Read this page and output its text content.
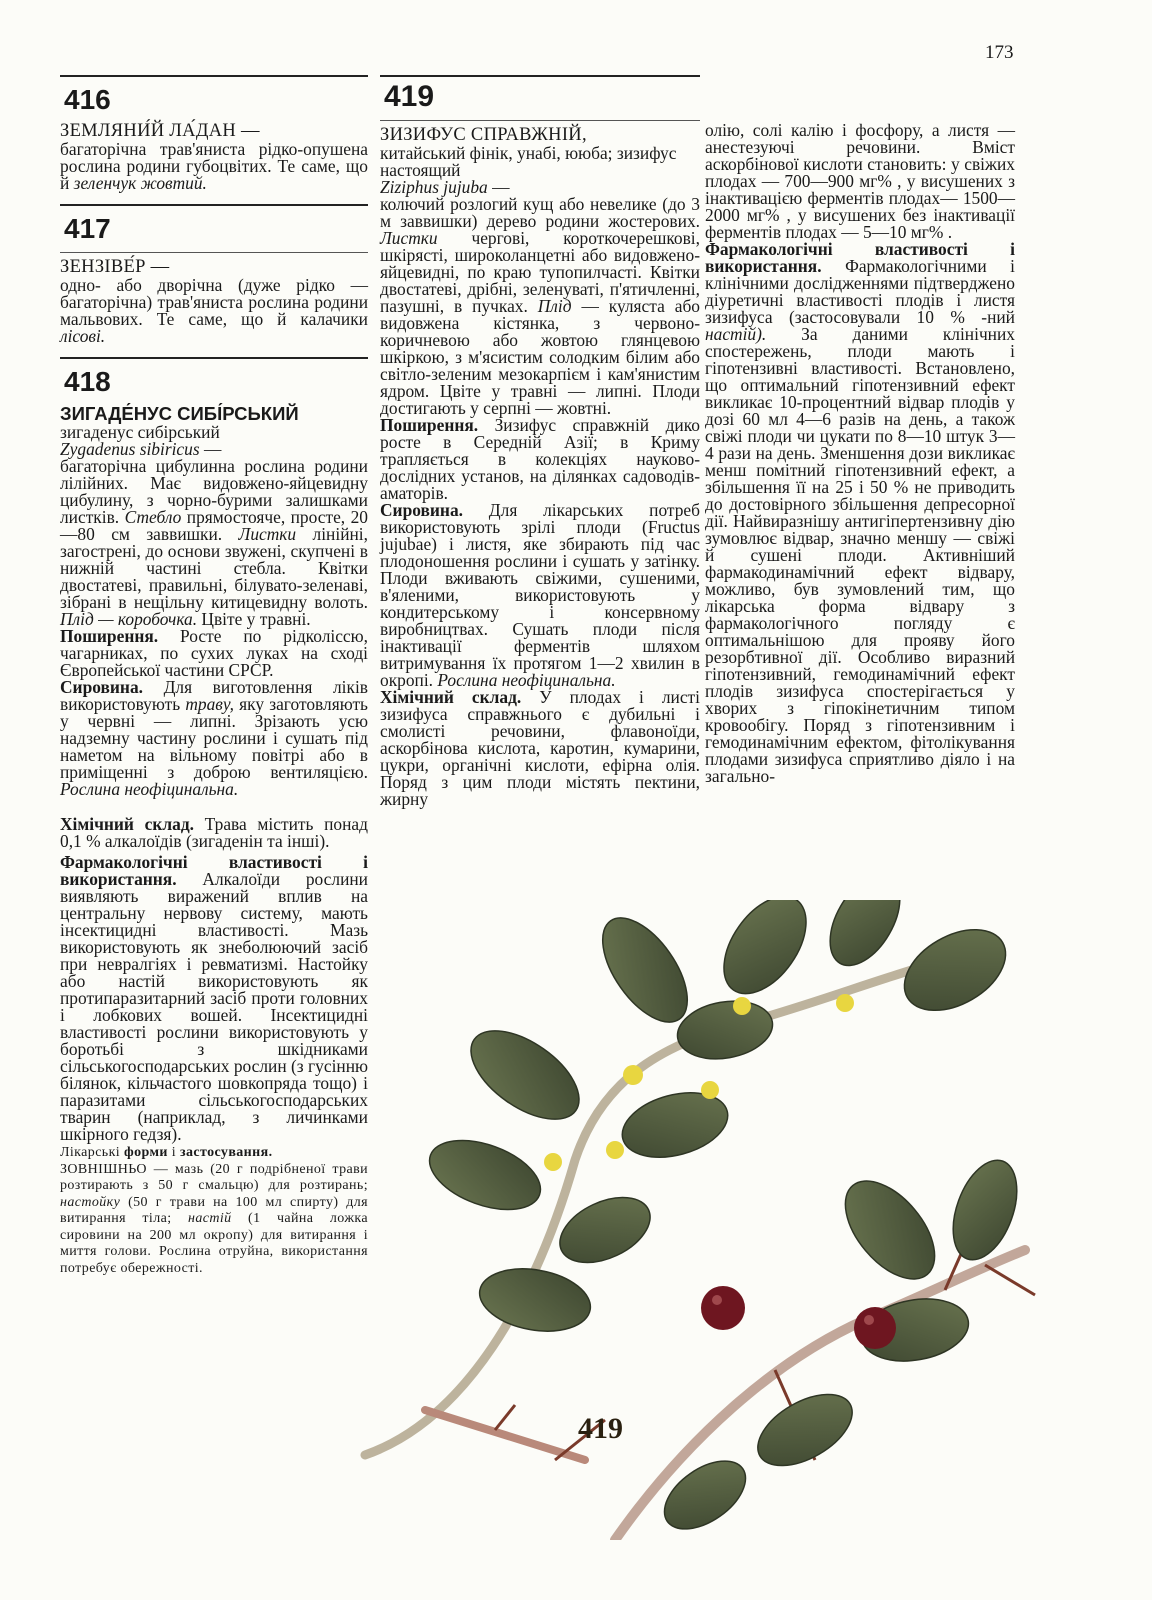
173
416
ЗЕМЛЯНИ́Й ЛА́ДАН —

багаторічна трав'яниста рідко-опушена рослина родини губоцвітих. Те саме, що й зеленчук жовтий.

417
ЗЕНЗІВЕ́Р —

одно- або дворічна (дуже рідко — багаторічна) трав'яниста рослина родини мальвових. Те саме, що й калачики лісові.

418
ЗИГАДЕ́НУС СИБІ́РСЬКИЙ
зигаденус сибірський
Zygadenus sibiricus —

багаторічна цибулинна рослина родини лілійних. Має видовжено-яйцевидну цибулину, з чорно-бурими залишками листків. Стебло прямостояче, просте, 20—80 см заввишки. Листки лінійні, загострені, до основи звужені, скупчені в нижній частині стебла. Квітки двостатеві, правильні, білувато-зеленаві, зібрані в нещільну китицевидну волоть. Плід — коробочка. Цвіте у травні.

Поширення. Росте по рідколіссю, чагарниках, по сухих луках на сході Європейської частини СРСР.

Сировина. Для виготовлення ліків використовують траву, яку заготовляють у червні — липні. Зрізають усю надземну частину рослини і сушать під наметом на вільному повітрі або в приміщенні з доброю вентиляцією. Рослина неофіцинальна.

Хімічний склад. Трава містить понад 0,1 % алкалоїдів (зигаденін та інші).

Фармакологічні властивості і використання. Алкалоїди рослини виявляють виражений вплив на центральну нервову систему, мають інсектицидні властивості. Мазь використовують як знеболюючий засіб при невралгіях і ревматизмі. Настойку або настій використовують як протипаразитарний засіб проти головних і лобкових вошей. Інсектицидні властивості рослини використовують у боротьбі з шкідниками сільськогосподарських рослин (з гусінню білянок, кільчастого шовкопряда тощо) і паразитами сільськогосподарських тварин (наприклад, з личинками шкірного гедзя).

Лікарські форми і застосування.

ЗОВНІШНЬО — мазь (20 г подрібненої трави розтирають з 50 г смальцю) для розтирань; настойку (50 г трави на 100 мл спирту) для витирання тіла; настій (1 чайна ложка сировини на 200 мл окропу) для витирання і миття голови. Рослина отруйна, використання потребує обережності.

419
ЗИЗИФУС СПРАВЖНІЙ,
китайський фінік, унабі, ююба; зизифус настоящий
Ziziphus jujuba —

колючий розлогий кущ або невелике (до 3 м заввишки) дерево родини жостерових. Листки чергові, короткочерешкові, шкірясті, широколанцетні або видовжено-яйцевидні, по краю тупопилчасті. Квітки двостатеві, дрібні, зеленуваті, п'ятичленні, пазушні, в пучках. Плід — куляста або видовжена кістянка, з червоно-коричневою або жовтою глянцевою шкіркою, з м'ясистим солодким білим або світло-зеленим мезокарпієм і кам'янистим ядром. Цвіте у травні — липні. Плоди достигають у серпні — жовтні.

Поширення. Зизифус справжній дико росте в Середній Азії; в Криму трапляється в колекціях науково-дослідних установ, на ділянках садоводів-аматорів.

Сировина. Для лікарських потреб використовують зрілі плоди (Fructus jujubae) і листя, яке збирають під час плодоношення рослини і сушать у затінку. Плоди вживають свіжими, сушеними, в'яленими, використовують у кондитерському і консервному виробництвах. Сушать плоди після інактивації ферментів шляхом витримування їх протягом 1—2 хвилин в окропі. Рослина неофіцинальна.

Хімічний склад. У плодах і листі зизифуса справжнього є дубильні і смолисті речовини, флавоноїди, аскорбінова кислота, каротин, кумарини, цукри, органічні кислоти, ефірна олія. Поряд з цим плоди містять пектини, жирну

олію, солі калію і фосфору, а листя — анестезуючі речовини. Вміст аскорбінової кислоти становить: у свіжих плодах — 700—900 мг% , у висушених з інактивацією ферментів плодах— 1500—2000 мг% , у висушених без інактивації ферментів плодах — 5—10 мг% .

Фармакологічні властивості і використання. Фармакологічними і клінічними дослідженнями підтверджено діуретичні властивості плодів і листя зизифуса (застосовували 10 % -ний настій). За даними клінічних спостережень, плоди мають і гіпотензивні властивості. Встановлено, що оптимальний гіпотензивний ефект викликає 10-процентний відвар плодів у дозі 60 мл 4—6 разів на день, а також свіжі плоди чи цукати по 8—10 штук 3—4 рази на день. Зменшення дози викликає менш помітний гіпотензивний ефект, а збільшення її на 25 і 50 % не приводить до достовірного збільшення депресорної дії. Найвиразнішу антигіпертензивну дію зумовлює відвар, значно меншу — свіжі й сушені плоди. Активніший фармакодинамічний ефект відвару, можливо, був зумовлений тим, що лікарська форма відвару з фармакологічного погляду є оптимальнішою для прояву його резорбтивної дії. Особливо виразний гіпотензивний, гемодинамічний ефект плодів зизифуса спостерігається у хворих з гіпокінетичним типом кровообігу. Поряд з гіпотензивним і гемодинамічним ефектом, фітолікування плодами зизифуса сприятливо діяло і на загально-

419
